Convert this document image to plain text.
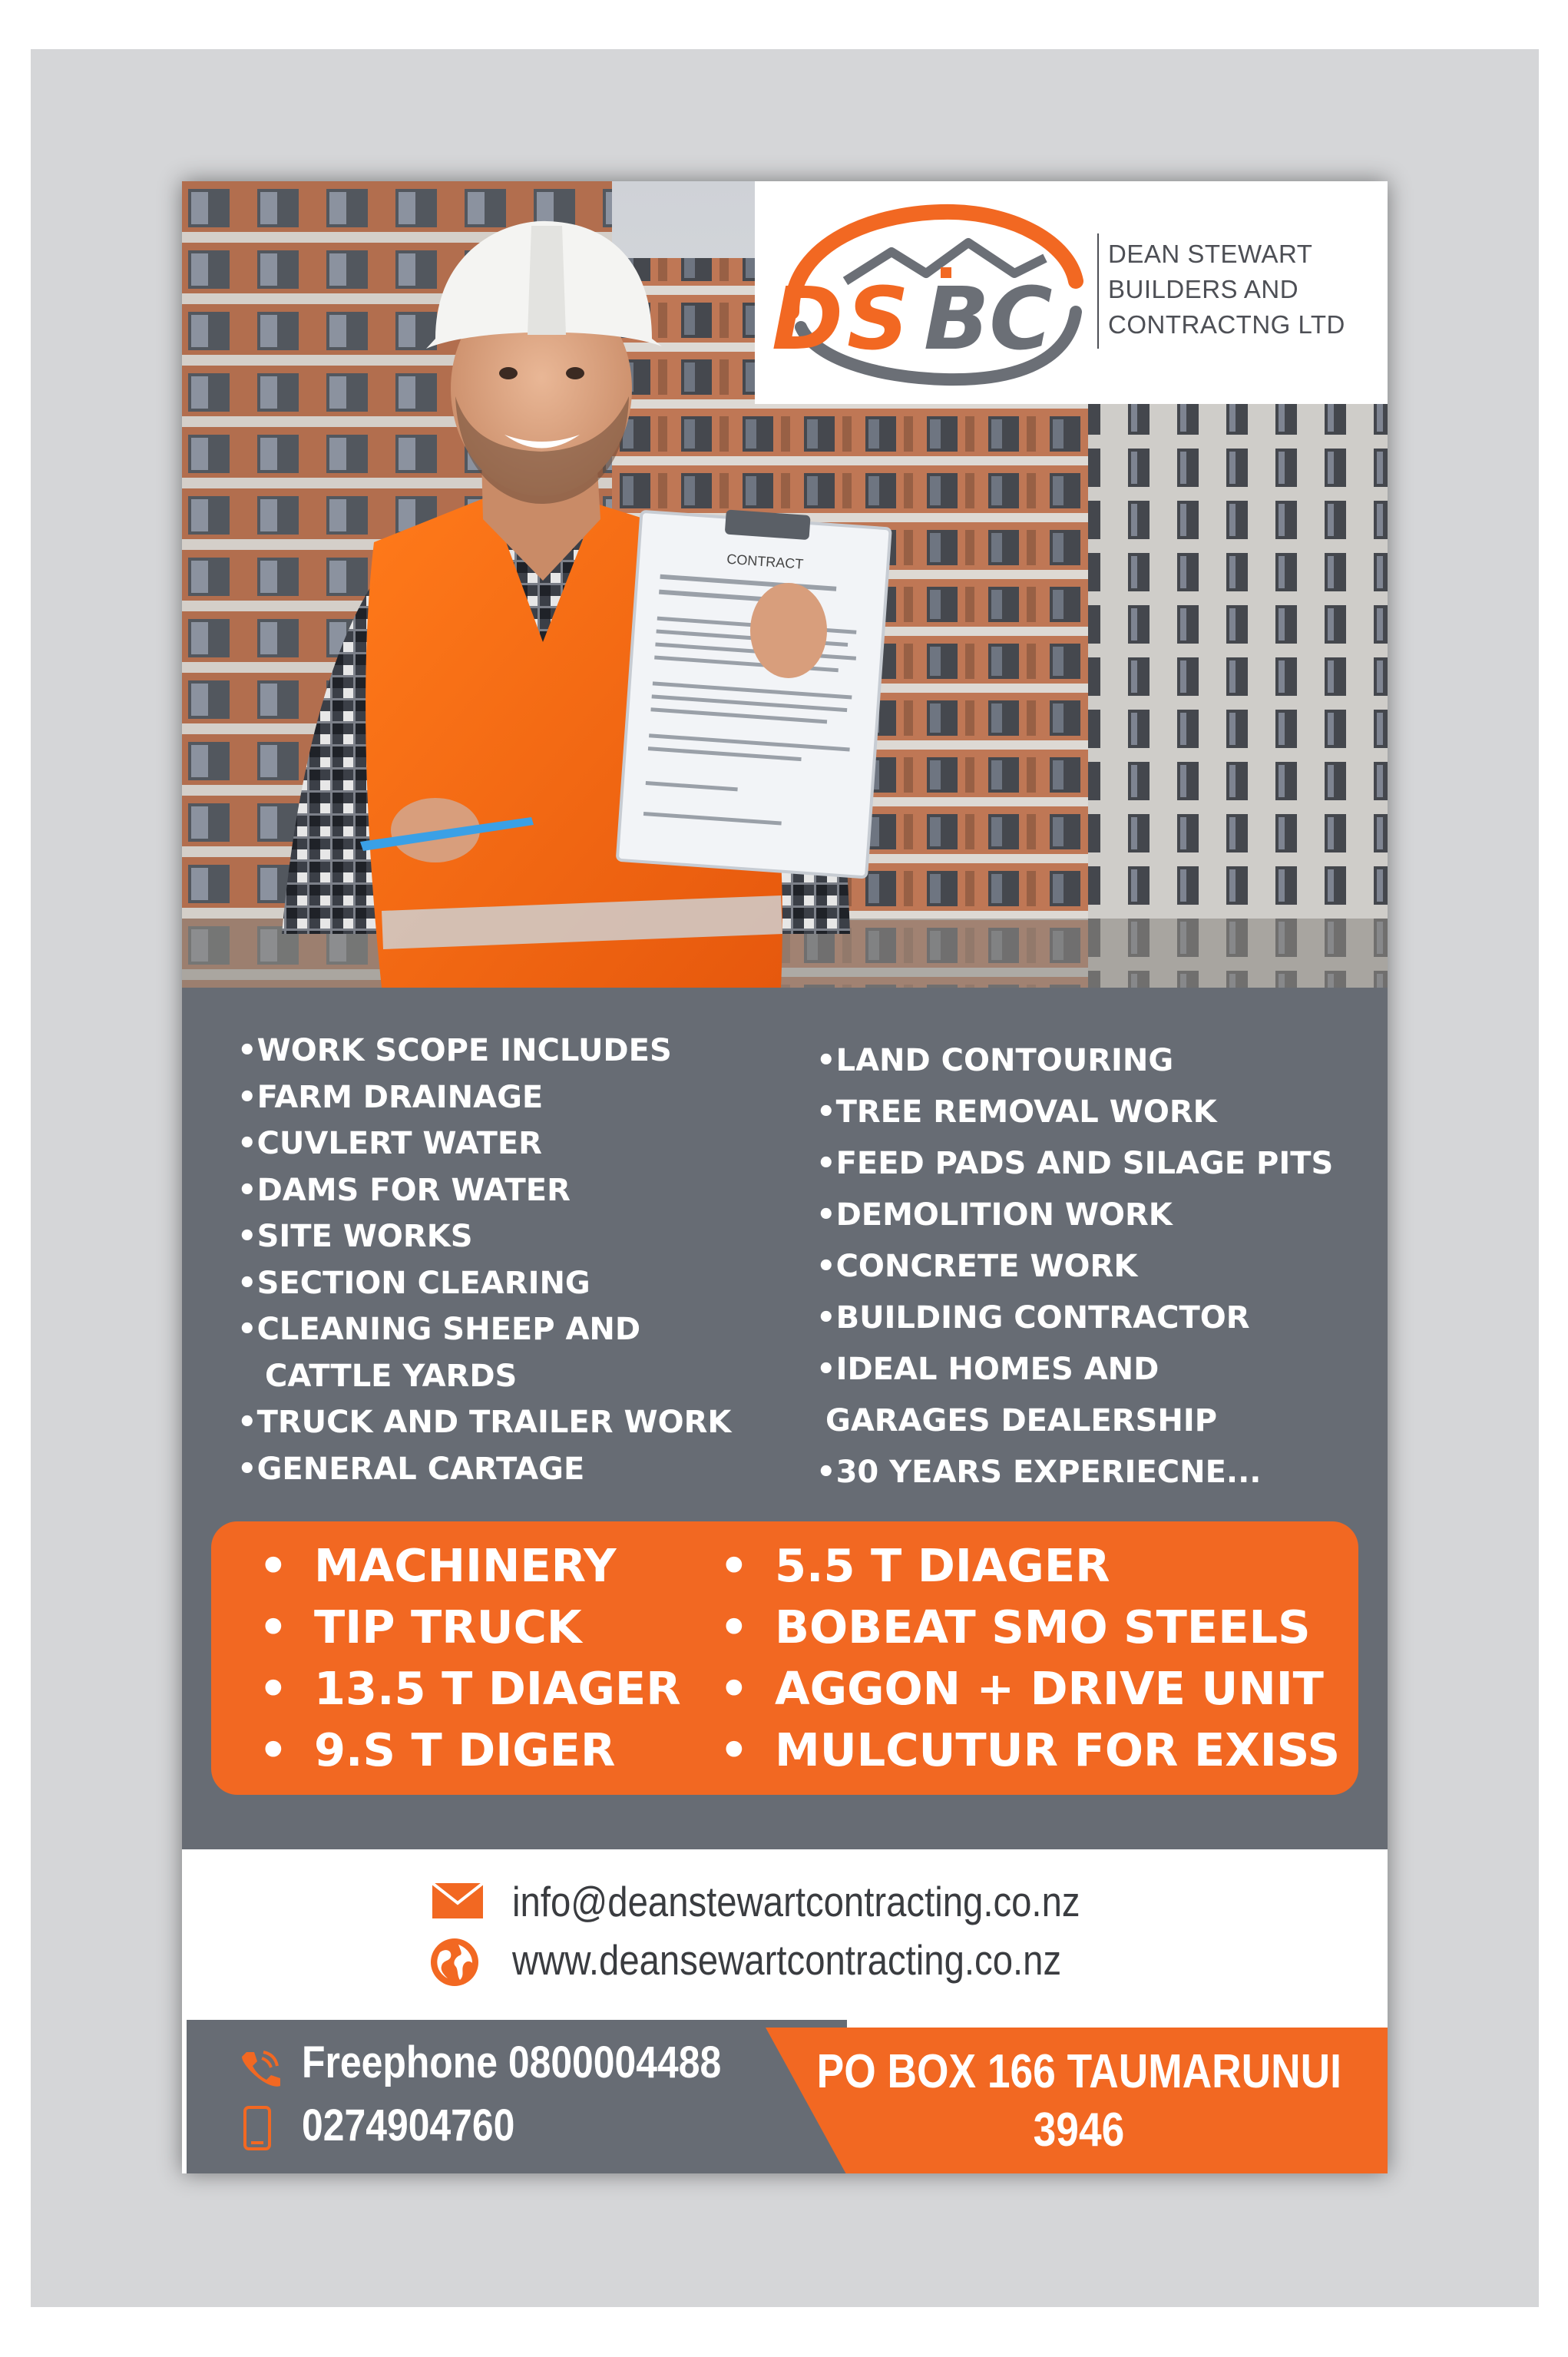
CONTRACT
D S BC
DEAN STEWART
BUILDERS AND
CONTRACTNG LTD
•WORK SCOPE INCLUDES
•FARM DRAINAGE
•CUVLERT WATER
•DAMS FOR WATER
•SITE WORKS
•SECTION CLEARING
•CLEANING SHEEP AND
CATTLE YARDS
•TRUCK AND TRAILER WORK
•GENERAL CARTAGE
•LAND CONTOURING
•TREE REMOVAL WORK
•FEED PADS AND SILAGE PITS
•DEMOLITION WORK
•CONCRETE WORK
•BUILDING CONTRACTOR
•IDEAL HOMES AND
GARAGES DEALERSHIP
•30 YEARS EXPERIECNE...
• MACHINERY
• TIP TRUCK
• 13.5 T DIAGER
• 9.S T DIGER
• 5.5 T DIAGER
• BOBEAT SMO STEELS
• AGGON + DRIVE UNIT
• MULCUTUR FOR EXISS
info@deanstewartcontracting.co.nz
www.deansewartcontracting.co.nz
Freephone 0800004488
0274904760
PO BOX 166 TAUMARUNUI
3946
